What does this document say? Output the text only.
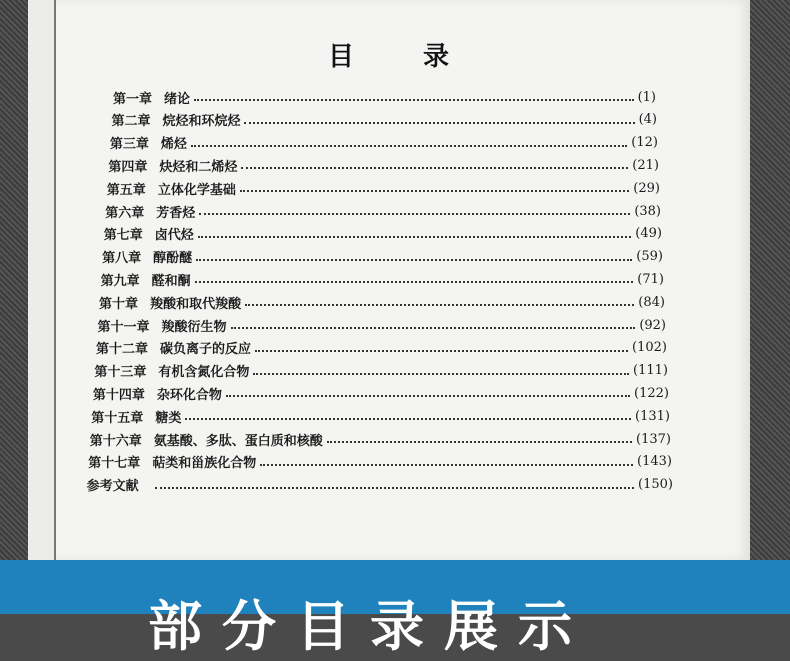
目 录
第一章 绪论	(1)
第二章 烷烃和环烷烃	(4)
第三章 烯烃	(12)
第四章 炔烃和二烯烃	(21)
第五章 立体化学基础	(29)
第六章 芳香烃	(38)
第七章 卤代烃	(49)
第八章 醇酚醚	(59)
第九章 醛和酮	(71)
第十章 羧酸和取代羧酸	(84)
第十一章 羧酸衍生物	(92)
第十二章 碳负离子的反应	(102)
第十三章 有机含氮化合物	(111)
第十四章 杂环化合物	(122)
第十五章 糖类	(131)
第十六章 氨基酸、多肽、蛋白质和核酸	(137)
第十七章 萜类和甾族化合物	(143)
参考文献	(150)
部分目录展示
